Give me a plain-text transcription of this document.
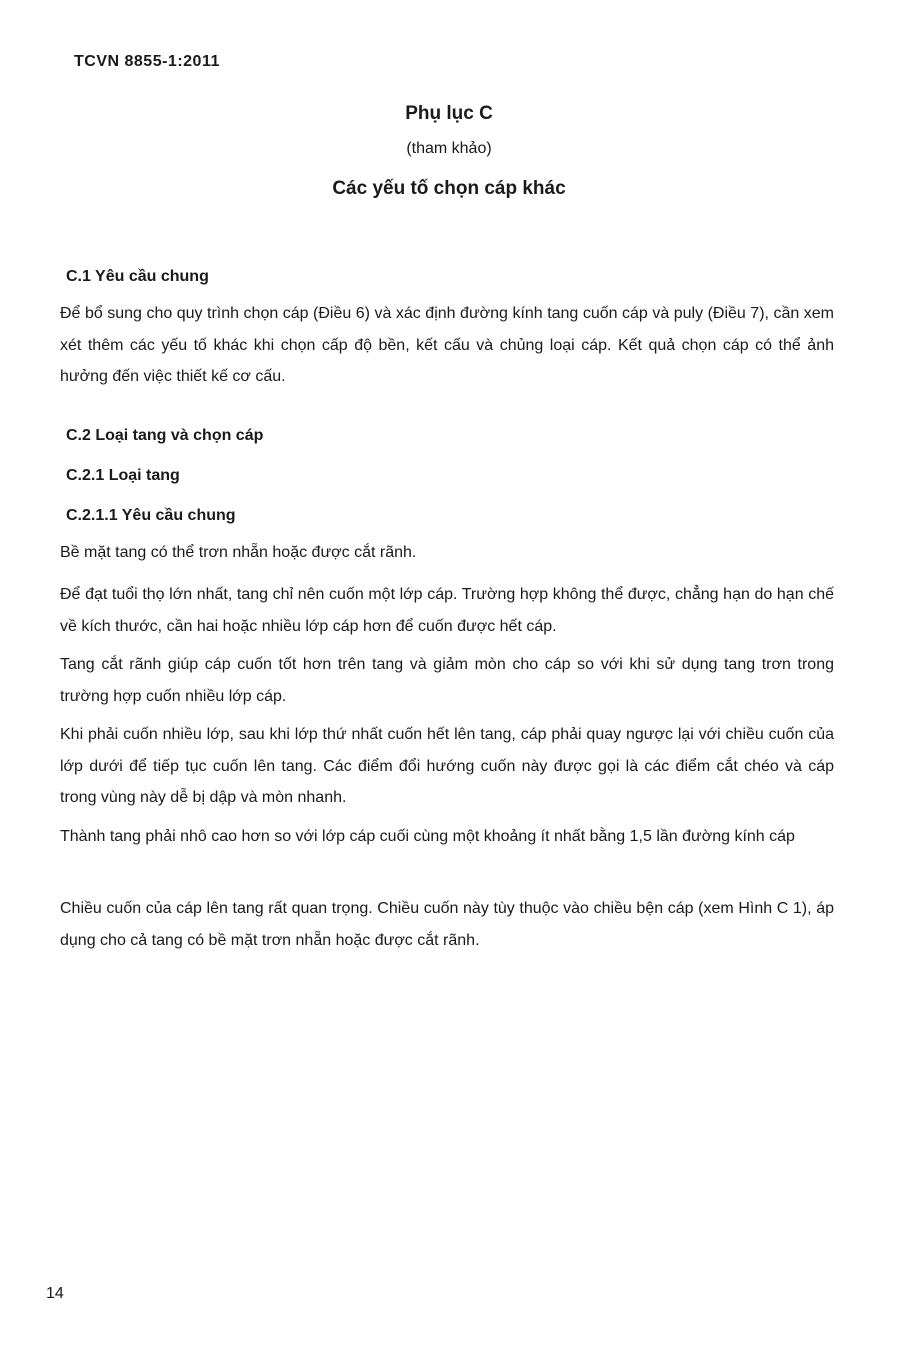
TCVN 8855-1:2011
Phụ lục C
(tham khảo)
Các yếu tố chọn cáp khác
C.1 Yêu cầu chung
Để bổ sung cho quy trình chọn cáp (Điều 6) và xác định đường kính tang cuốn cáp và puly (Điều 7), cần xem xét thêm các yếu tố khác khi chọn cấp độ bền, kết cấu và chủng loại cáp. Kết quả chọn cáp có thể ảnh hưởng đến việc thiết kế cơ cấu.
C.2 Loại tang và chọn cáp
C.2.1 Loại tang
C.2.1.1 Yêu cầu chung
Bề mặt tang có thể trơn nhẵn hoặc được cắt rãnh.
Để đạt tuổi thọ lớn nhất, tang chỉ nên cuốn một lớp cáp. Trường hợp không thể được, chẳng hạn do hạn chế về kích thước, cần hai hoặc nhiều lớp cáp hơn để cuốn được hết cáp.
Tang cắt rãnh giúp cáp cuốn tốt hơn trên tang và giảm mòn cho cáp so với khi sử dụng tang trơn trong trường hợp cuốn nhiều lớp cáp.
Khi phải cuốn nhiều lớp, sau khi lớp thứ nhất cuốn hết lên tang, cáp phải quay ngược lại với chiều cuốn của lớp dưới để tiếp tục cuốn lên tang. Các điểm đổi hướng cuốn này được gọi là các điểm cắt chéo và cáp trong vùng này dễ bị dập và mòn nhanh.
Thành tang phải nhô cao hơn so với lớp cáp cuối cùng một khoảng ít nhất bằng 1,5 lần đường kính cáp
Chiều cuốn của cáp lên tang rất quan trọng. Chiều cuốn này tùy thuộc vào chiều bện cáp (xem Hình C 1), áp dụng cho cả tang có bề mặt trơn nhẵn hoặc được cắt rãnh.
14
